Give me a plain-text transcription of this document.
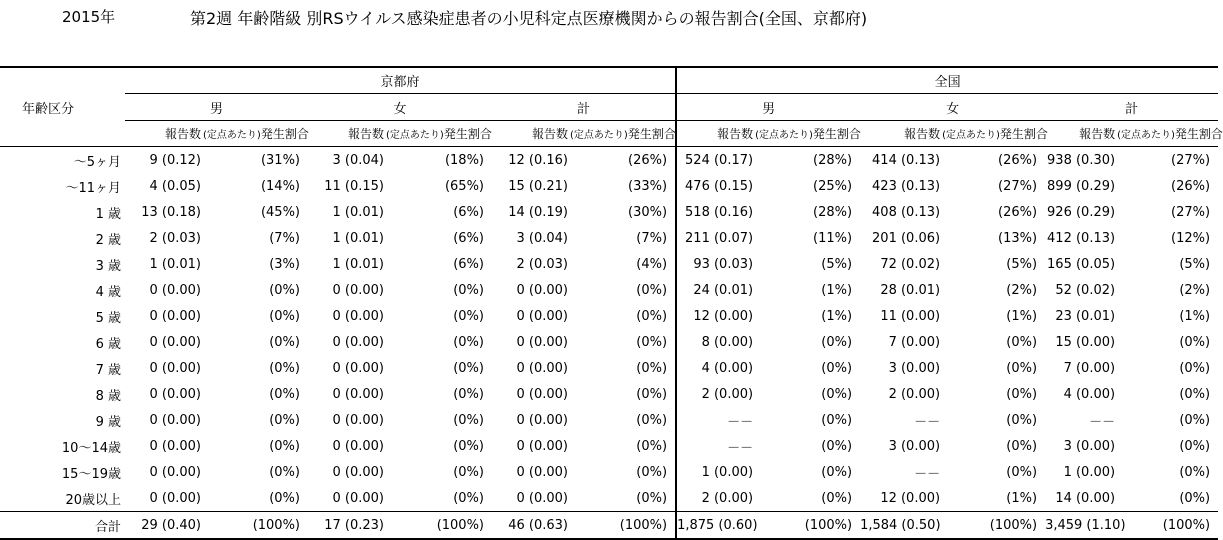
2015年	第2週 年齢階級 別RSウイルス感染症患者の小児科定点医療機関からの報告割合(全国、京都府)
年齢区分	京都府						全国					
	男		女		計		男		女		計	
	報告数	(定点あたり)発生割合	報告数	(定点あたり)発生割合	報告数	(定点あたり)発生割合	報告数	(定点あたり)発生割合	報告数	(定点あたり)発生割合	報告数	(定点あたり)発生割合
～5ヶ月	9 (0.12)	(31%)	3 (0.04)	(18%)	12 (0.16)	(26%)	524 (0.17)	(28%)	414 (0.13)	(26%)	938 (0.30)	(27%)
～11ヶ月	4 (0.05)	(14%)	11 (0.15)	(65%)	15 (0.21)	(33%)	476 (0.15)	(25%)	423 (0.13)	(27%)	899 (0.29)	(26%)
1 歳	13 (0.18)	(45%)	1 (0.01)	(6%)	14 (0.19)	(30%)	518 (0.16)	(28%)	408 (0.13)	(26%)	926 (0.29)	(27%)
2 歳	2 (0.03)	(7%)	1 (0.01)	(6%)	3 (0.04)	(7%)	211 (0.07)	(11%)	201 (0.06)	(13%)	412 (0.13)	(12%)
3 歳	1 (0.01)	(3%)	1 (0.01)	(6%)	2 (0.03)	(4%)	93 (0.03)	(5%)	72 (0.02)	(5%)	165 (0.05)	(5%)
4 歳	0 (0.00)	(0%)	0 (0.00)	(0%)	0 (0.00)	(0%)	24 (0.01)	(1%)	28 (0.01)	(2%)	52 (0.02)	(2%)
5 歳	0 (0.00)	(0%)	0 (0.00)	(0%)	0 (0.00)	(0%)	12 (0.00)	(1%)	11 (0.00)	(1%)	23 (0.01)	(1%)
6 歳	0 (0.00)	(0%)	0 (0.00)	(0%)	0 (0.00)	(0%)	8 (0.00)	(0%)	7 (0.00)	(0%)	15 (0.00)	(0%)
7 歳	0 (0.00)	(0%)	0 (0.00)	(0%)	0 (0.00)	(0%)	4 (0.00)	(0%)	3 (0.00)	(0%)	7 (0.00)	(0%)
8 歳	0 (0.00)	(0%)	0 (0.00)	(0%)	0 (0.00)	(0%)	2 (0.00)	(0%)	2 (0.00)	(0%)	4 (0.00)	(0%)
9 歳	0 (0.00)	(0%)	0 (0.00)	(0%)	0 (0.00)	(0%)	－－	(0%)	－－	(0%)	－－	(0%)
10～14歳	0 (0.00)	(0%)	0 (0.00)	(0%)	0 (0.00)	(0%)	－－	(0%)	3 (0.00)	(0%)	3 (0.00)	(0%)
15～19歳	0 (0.00)	(0%)	0 (0.00)	(0%)	0 (0.00)	(0%)	1 (0.00)	(0%)	－－	(0%)	1 (0.00)	(0%)
20歳以上	0 (0.00)	(0%)	0 (0.00)	(0%)	0 (0.00)	(0%)	2 (0.00)	(0%)	12 (0.00)	(1%)	14 (0.00)	(0%)
合計	29 (0.40)	(100%)	17 (0.23)	(100%)	46 (0.63)	(100%)	1,875 (0.60)	(100%)	1,584 (0.50)	(100%)	3,459 (1.10)	(100%)
